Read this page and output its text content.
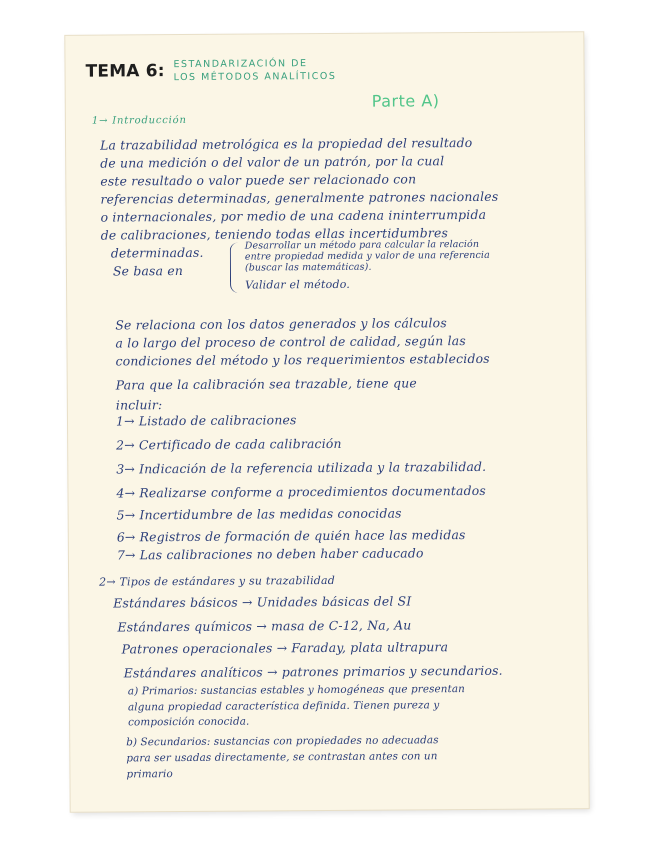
TEMA 6: ESTANDARIZACIÓN DE
LOS MÉTODOS ANALÍTICOS
Parte A)
1→ Introducción
La trazabilidad metrológica es la propiedad del resultado
de una medición o del valor de un patrón, por la cual
este resultado o valor puede ser relacionado con
referencias determinadas, generalmente patrones nacionales
o internacionales, por medio de una cadena ininterrumpida
de calibraciones, teniendo todas ellas incertidumbres
determinadas.
Se basa en
Desarrollar un método para calcular la relación
entre propiedad medida y valor de una referencia
(buscar las matemáticas).
Validar el método.
Se relaciona con los datos generados y los cálculos
a lo largo del proceso de control de calidad, según las
condiciones del método y los requerimientos establecidos
Para que la calibración sea trazable, tiene que
incluir:
1→ Listado de calibraciones
2→ Certificado de cada calibración
3→ Indicación de la referencia utilizada y la trazabilidad.
4→ Realizarse conforme a procedimientos documentados
5→ Incertidumbre de las medidas conocidas
6→ Registros de formación de quién hace las medidas
7→ Las calibraciones no deben haber caducado
2→ Tipos de estándares y su trazabilidad
Estándares básicos → Unidades básicas del SI
Estándares químicos → masa de C-12, Na, Au
Patrones operacionales → Faraday, plata ultrapura
Estándares analíticos → patrones primarios y secundarios.
a) Primarios: sustancias estables y homogéneas que presentan
alguna propiedad característica definida. Tienen pureza y
composición conocida.
b) Secundarios: sustancias con propiedades no adecuadas
para ser usadas directamente, se contrastan antes con un
primario
